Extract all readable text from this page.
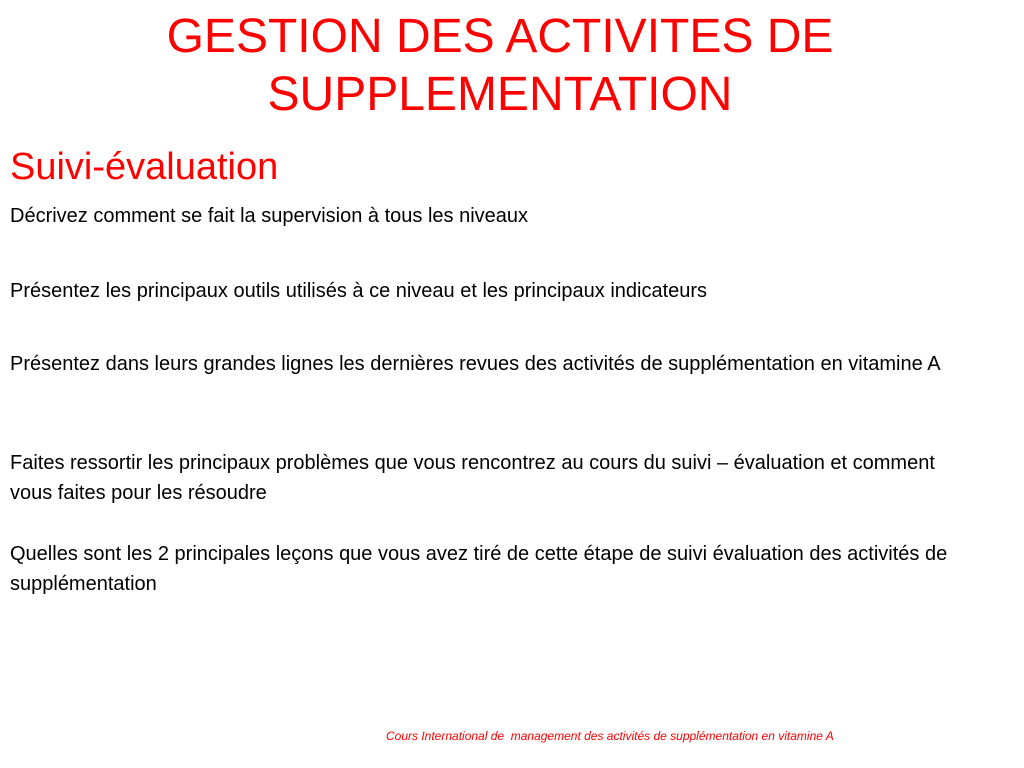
GESTION DES ACTIVITES DE
SUPPLEMENTATION
Suivi-évaluation

Décrivez comment se fait la supervision à tous les niveaux

Présentez les principaux outils utilisés à ce niveau et les principaux indicateurs

Présentez dans leurs grandes lignes les dernières revues des activités de supplémentation en vitamine A

Faites ressortir les principaux problèmes que vous rencontrez au cours du suivi – évaluation et comment vous faites pour les résoudre

Quelles sont les 2 principales leçons que vous avez tiré de cette étape de suivi évaluation des activités de supplémentation

Cours International de  management des activités de supplémentation en vitamine A
